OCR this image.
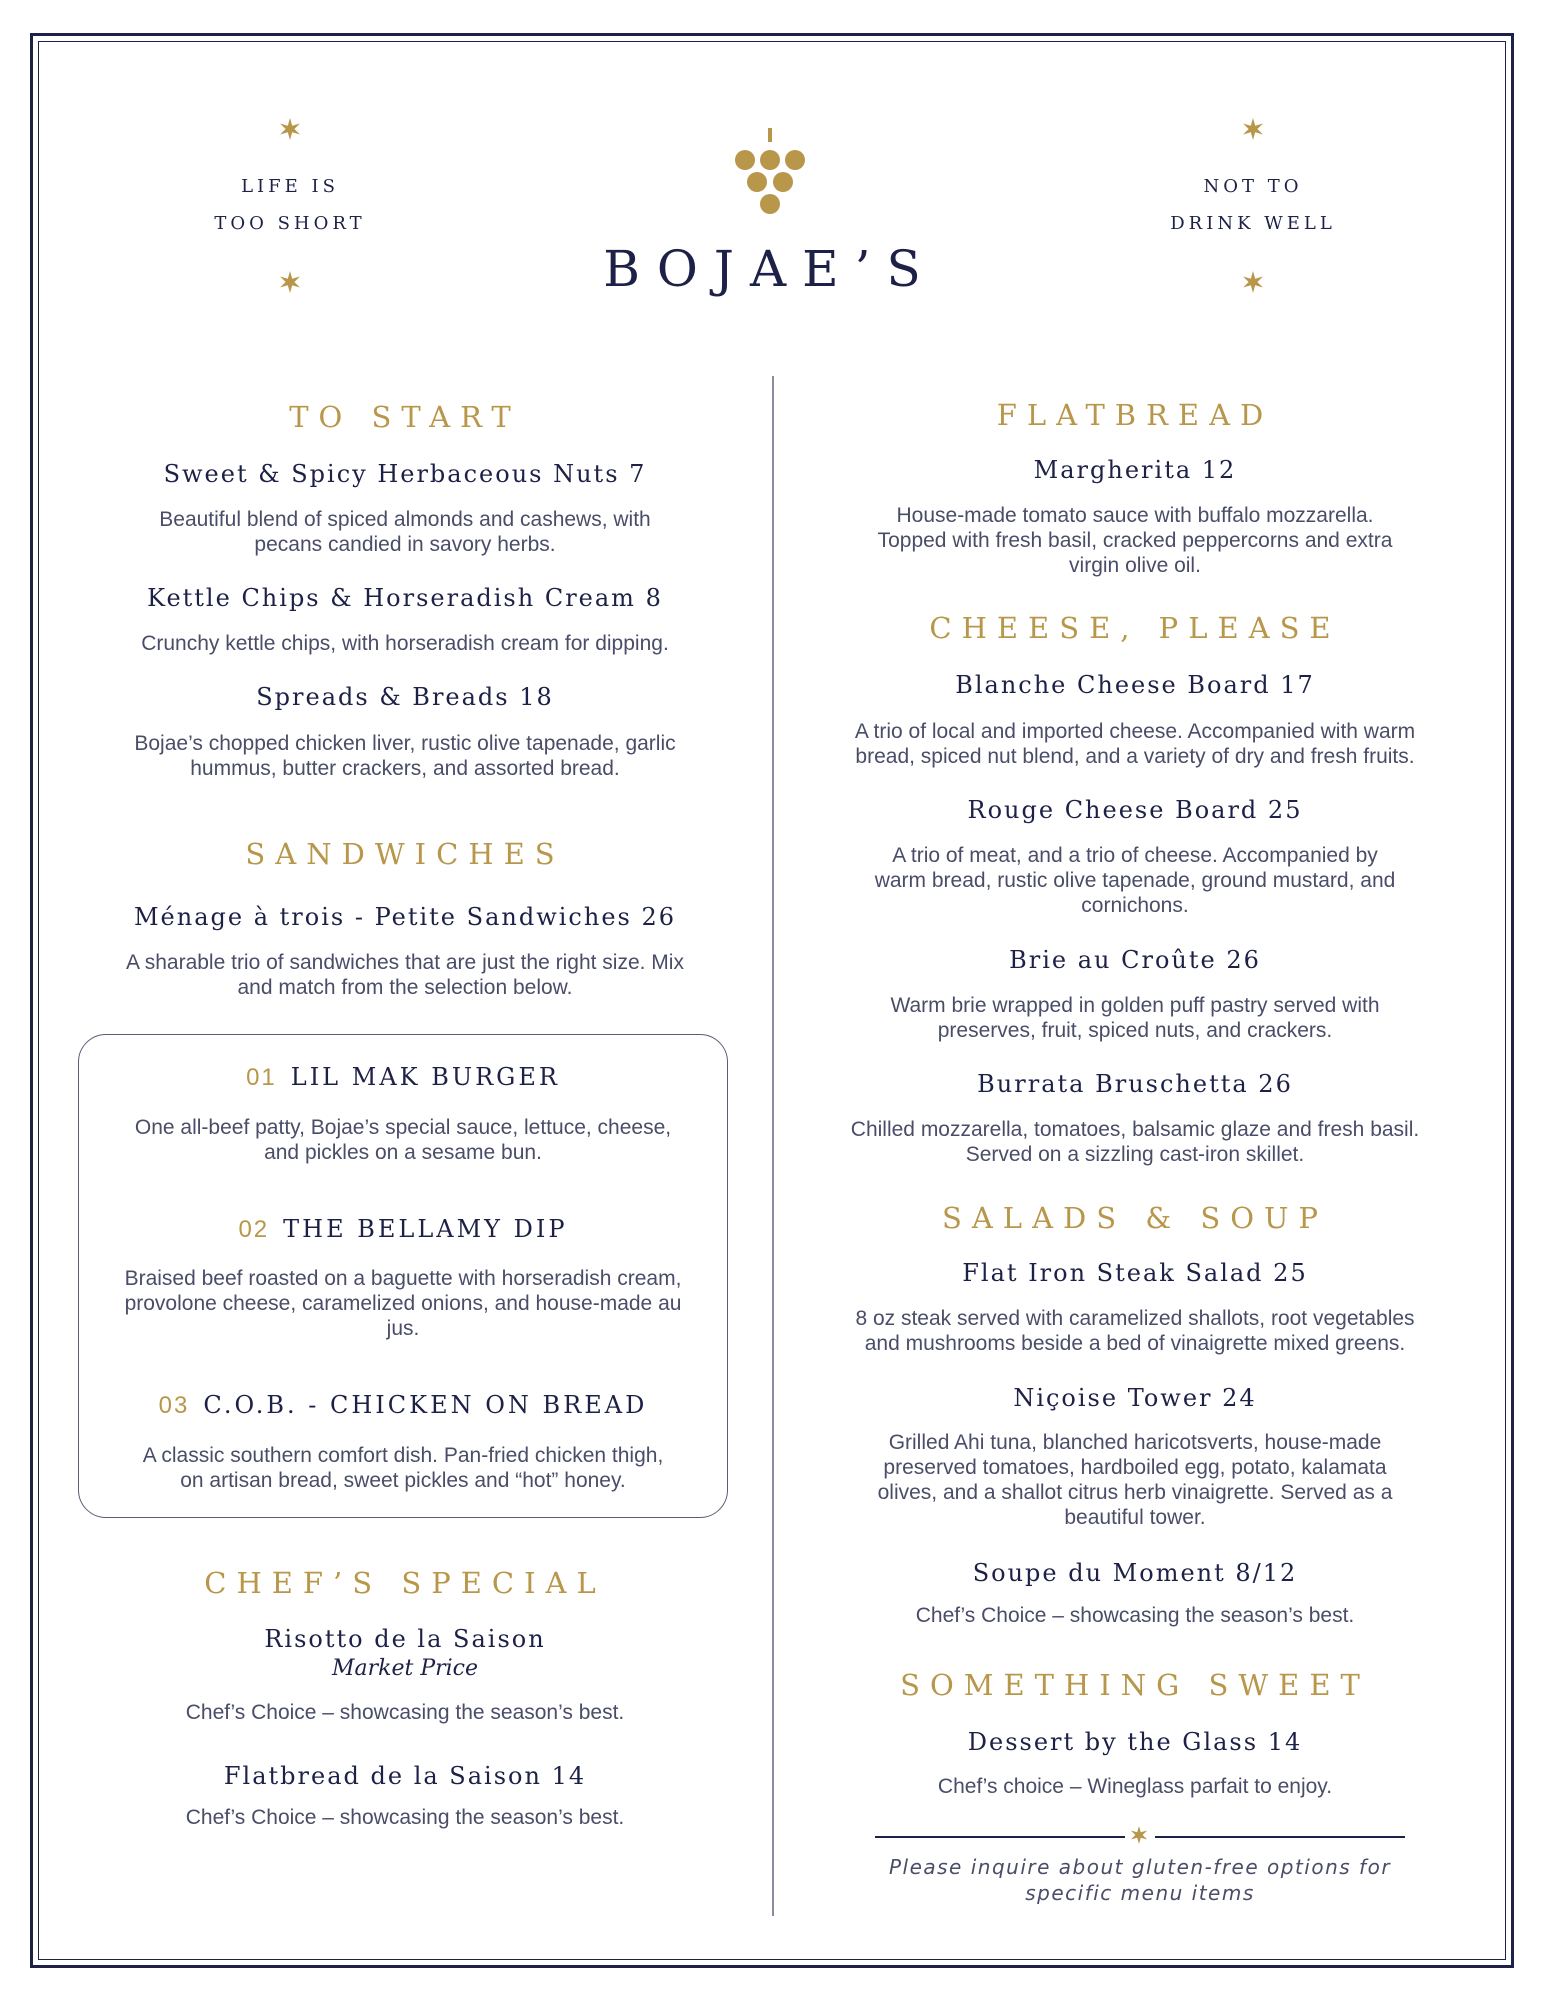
LIFE IS
TOO SHORT
NOT TO
DRINK WELL
BOJAE’S
TO START
Sweet & Spicy Herbaceous Nuts 7
Beautiful blend of spiced almonds and cashews, with
pecans candied in savory herbs.
Kettle Chips & Horseradish Cream 8
Crunchy kettle chips, with horseradish cream for dipping.
Spreads & Breads 18
Bojae’s chopped chicken liver, rustic olive tapenade, garlic
hummus, butter crackers, and assorted bread.
SANDWICHES
Ménage à trois - Petite Sandwiches 26
A sharable trio of sandwiches that are just the right size. Mix
and match from the selection below.
01 LIL MAK BURGER
One all-beef patty, Bojae’s special sauce, lettuce, cheese,
and pickles on a sesame bun.
02 THE BELLAMY DIP
Braised beef roasted on a baguette with horseradish cream,
provolone cheese, caramelized onions, and house-made au
jus.
03 C.O.B. - CHICKEN ON BREAD
A classic southern comfort dish. Pan-fried chicken thigh,
on artisan bread, sweet pickles and “hot” honey.
CHEF’S SPECIAL
Risotto de la Saison
Market Price
Chef’s Choice – showcasing the season’s best.
Flatbread de la Saison 14
Chef’s Choice – showcasing the season’s best.
FLATBREAD
Margherita 12
House-made tomato sauce with buffalo mozzarella.
Topped with fresh basil, cracked peppercorns and extra
virgin olive oil.
CHEESE, PLEASE
Blanche Cheese Board 17
A trio of local and imported cheese. Accompanied with warm
bread, spiced nut blend, and a variety of dry and fresh fruits.
Rouge Cheese Board 25
A trio of meat, and a trio of cheese. Accompanied by
warm bread, rustic olive tapenade, ground mustard, and
cornichons.
Brie au Croûte 26
Warm brie wrapped in golden puff pastry served with
preserves, fruit, spiced nuts, and crackers.
Burrata Bruschetta 26
Chilled mozzarella, tomatoes, balsamic glaze and fresh basil.
Served on a sizzling cast-iron skillet.
SALADS & SOUP
Flat Iron Steak Salad 25
8 oz steak served with caramelized shallots, root vegetables
and mushrooms beside a bed of vinaigrette mixed greens.
Niçoise Tower 24
Grilled Ahi tuna, blanched haricotsverts, house-made
preserved tomatoes, hardboiled egg, potato, kalamata
olives, and a shallot citrus herb vinaigrette. Served as a
beautiful tower.
Soupe du Moment 8/12
Chef’s Choice – showcasing the season’s best.
SOMETHING SWEET
Dessert by the Glass 14
Chef’s choice – Wineglass parfait to enjoy.
Please inquire about gluten-free options for
specific menu items
